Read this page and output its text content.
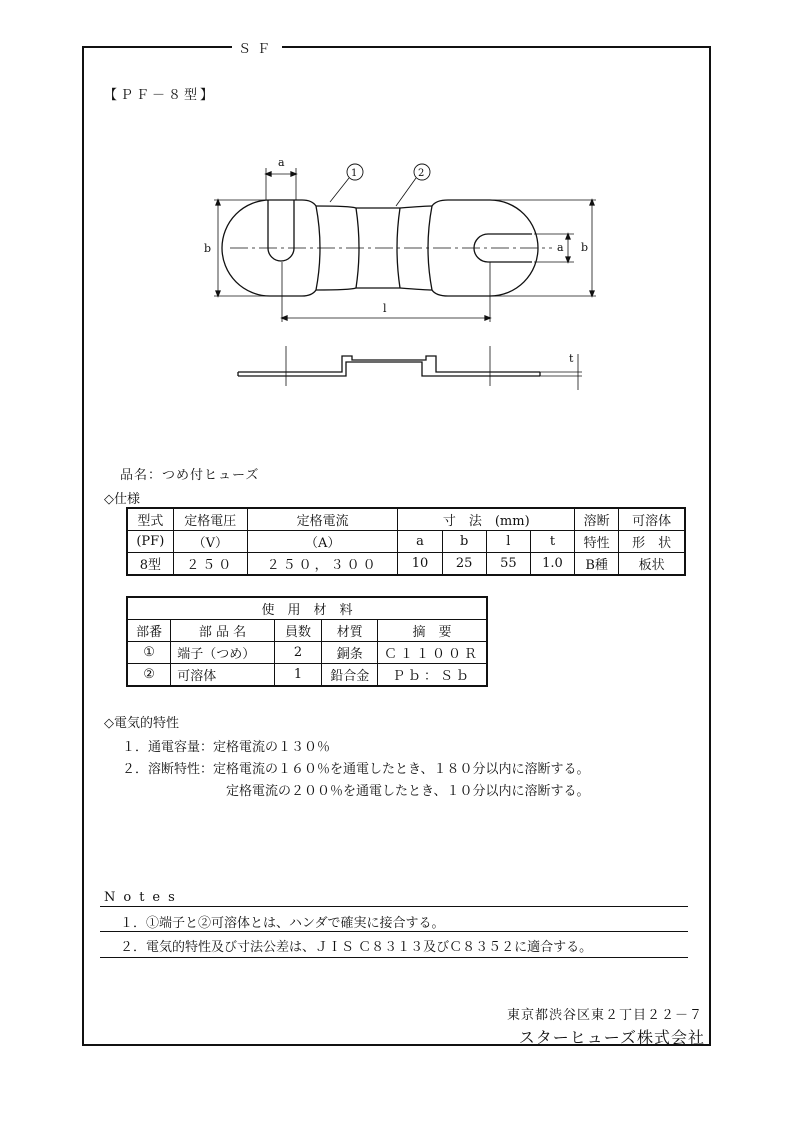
ＳＦ
【ＰＦ－８型】
a
b	b
a
l
t
1	2
品名：つめ付ヒューズ
◇仕様
型式	定格電圧	定格電流	寸　法　(mm)				溶断	可溶体
(PF)	（V）	（A）	a	b	l	t	特性	形　状
8型	２５０	２５０，３００	10	25	55	1.0	B種	板状
使　用　材　料				
部番	部 品 名	員数	材質	摘　要
①	端子（つめ）	2	銅条	Ｃ１１００Ｒ
②	可溶体	1	鉛合金	Ｐｂ：Ｓｂ
◇電気的特性
１．通電容量：定格電流の１３０％
２．溶断特性：定格電流の１６０％を通電したとき、１８０分以内に溶断する。
定格電流の２００％を通電したとき、１０分以内に溶断する。
Notes
１．①端子と②可溶体とは、ハンダで確実に接合する。
２．電気的特性及び寸法公差は、ＪＩＳ Ｃ８３１３及びＣ８３５２に適合する。
東京都渋谷区東２丁目２２－７
スターヒューズ株式会社
